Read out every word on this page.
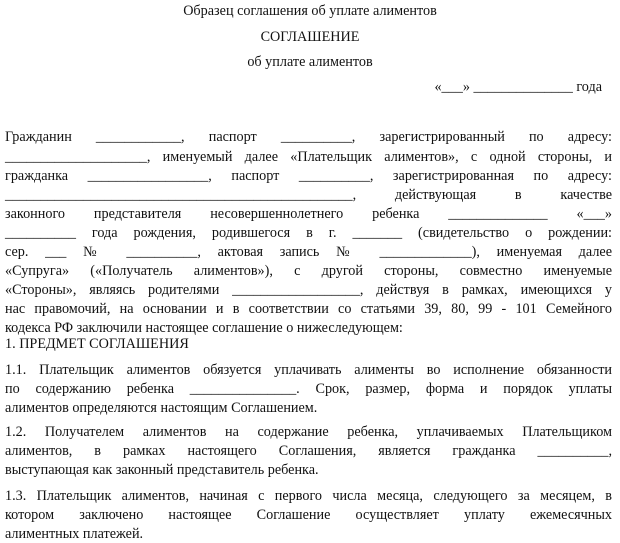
Образец соглашения об уплате алиментов
СОГЛАШЕНИЕ
об уплате алиментов
«___» ______________ года
Гражданин ____________, паспорт __________, зарегистрированный по адресу:
____________________, именуемый далее «Плательщик алиментов», с одной стороны, и
гражданка _________________, паспорт __________, зарегистрированная по адресу:
_________________________________________________, действующая в качестве
законного представителя несовершеннолетнего ребенка ______________ «___»
__________ года рождения, родившегося в г. _______ (свидетельство о рождении:
сер. ___ № __________, актовая запись № _____________), именуемая далее
«Супруга» («Получатель алиментов»), с другой стороны, совместно именуемые
«Стороны», являясь родителями __________________, действуя в рамках, имеющихся у
нас правомочий, на основании и в соответствии со статьями 39, 80, 99 - 101 Семейного
кодекса РФ заключили настоящее соглашение о нижеследующем:
1. ПРЕДМЕТ СОГЛАШЕНИЯ
1.1. Плательщик алиментов обязуется уплачивать алименты во исполнение обязанности
по содержанию ребенка _______________. Срок, размер, форма и порядок уплаты
алиментов определяются настоящим Соглашением.
1.2. Получателем алиментов на содержание ребенка, уплачиваемых Плательщиком
алиментов, в рамках настоящего Соглашения, является гражданка __________,
выступающая как законный представитель ребенка.
1.3. Плательщик алиментов, начиная с первого числа месяца, следующего за месяцем, в
котором заключено настоящее Соглашение осуществляет уплату ежемесячных
алиментных платежей.
